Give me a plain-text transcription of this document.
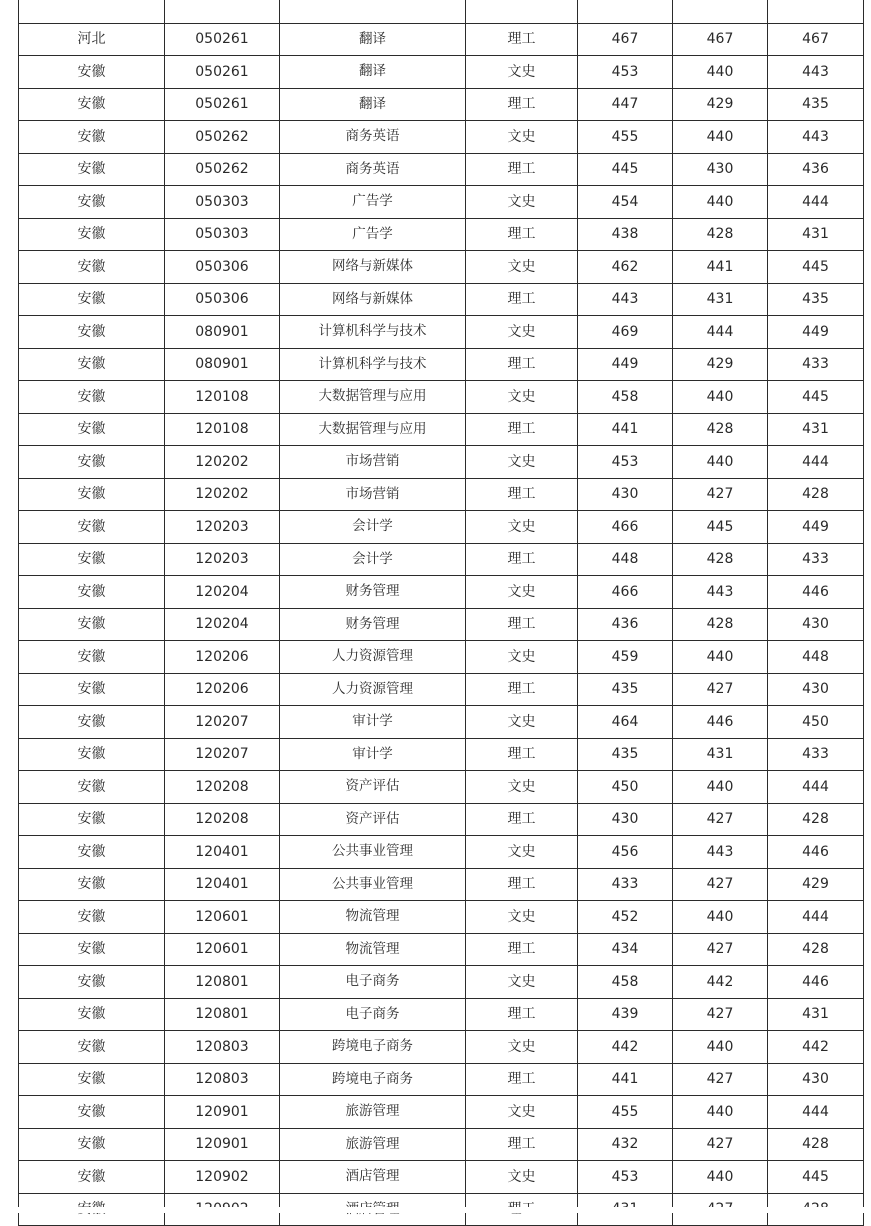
河北	050261	翻译	理工	467	467	467
安徽	050261	翻译	文史	453	440	443
安徽	050261	翻译	理工	447	429	435
安徽	050262	商务英语	文史	455	440	443
安徽	050262	商务英语	理工	445	430	436
安徽	050303	广告学	文史	454	440	444
安徽	050303	广告学	理工	438	428	431
安徽	050306	网络与新媒体	文史	462	441	445
安徽	050306	网络与新媒体	理工	443	431	435
安徽	080901	计算机科学与技术	文史	469	444	449
安徽	080901	计算机科学与技术	理工	449	429	433
安徽	120108	大数据管理与应用	文史	458	440	445
安徽	120108	大数据管理与应用	理工	441	428	431
安徽	120202	市场营销	文史	453	440	444
安徽	120202	市场营销	理工	430	427	428
安徽	120203	会计学	文史	466	445	449
安徽	120203	会计学	理工	448	428	433
安徽	120204	财务管理	文史	466	443	446
安徽	120204	财务管理	理工	436	428	430
安徽	120206	人力资源管理	文史	459	440	448
安徽	120206	人力资源管理	理工	435	427	430
安徽	120207	审计学	文史	464	446	450
安徽	120207	审计学	理工	435	431	433
安徽	120208	资产评估	文史	450	440	444
安徽	120208	资产评估	理工	430	427	428
安徽	120401	公共事业管理	文史	456	443	446
安徽	120401	公共事业管理	理工	433	427	429
安徽	120601	物流管理	文史	452	440	444
安徽	120601	物流管理	理工	434	427	428
安徽	120801	电子商务	文史	458	442	446
安徽	120801	电子商务	理工	439	427	431
安徽	120803	跨境电子商务	文史	442	440	442
安徽	120803	跨境电子商务	理工	441	427	430
安徽	120901	旅游管理	文史	455	440	444
安徽	120901	旅游管理	理工	432	427	428
安徽	120902	酒店管理	文史	453	440	445
